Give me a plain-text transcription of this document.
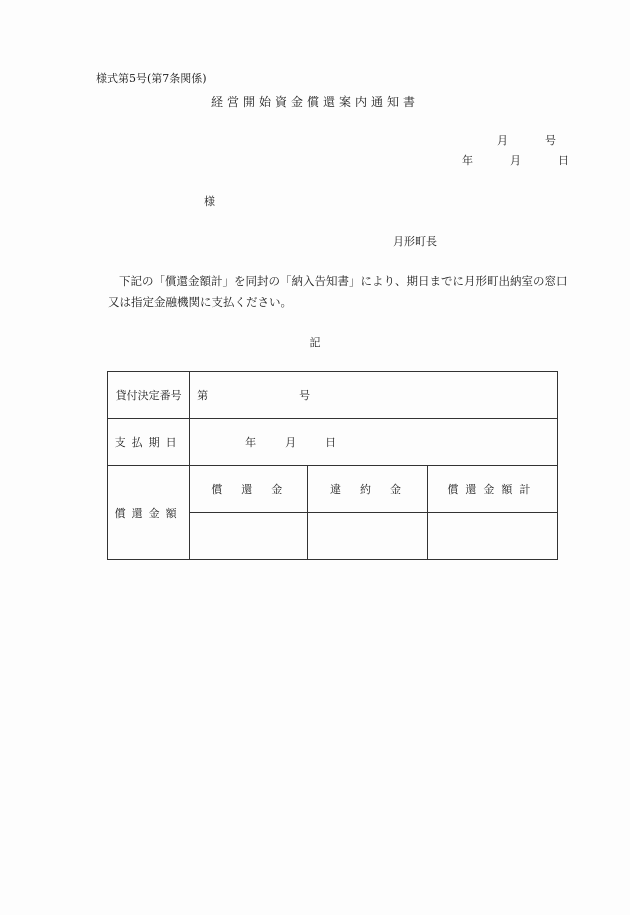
様式第5号(第7条関係)
経営開始資金償還案内通知書
月	号
年	月	日
様
月形町長
下記の「償還金額計」を同封の「納入告知書」により、期日までに月形町出納室の窓口又は指定金融機関に支払ください。
記
貸付決定番号	第 号		
支払期日	年 月 日		
償還金額	償　還　金	違　約　金	償還金額計
